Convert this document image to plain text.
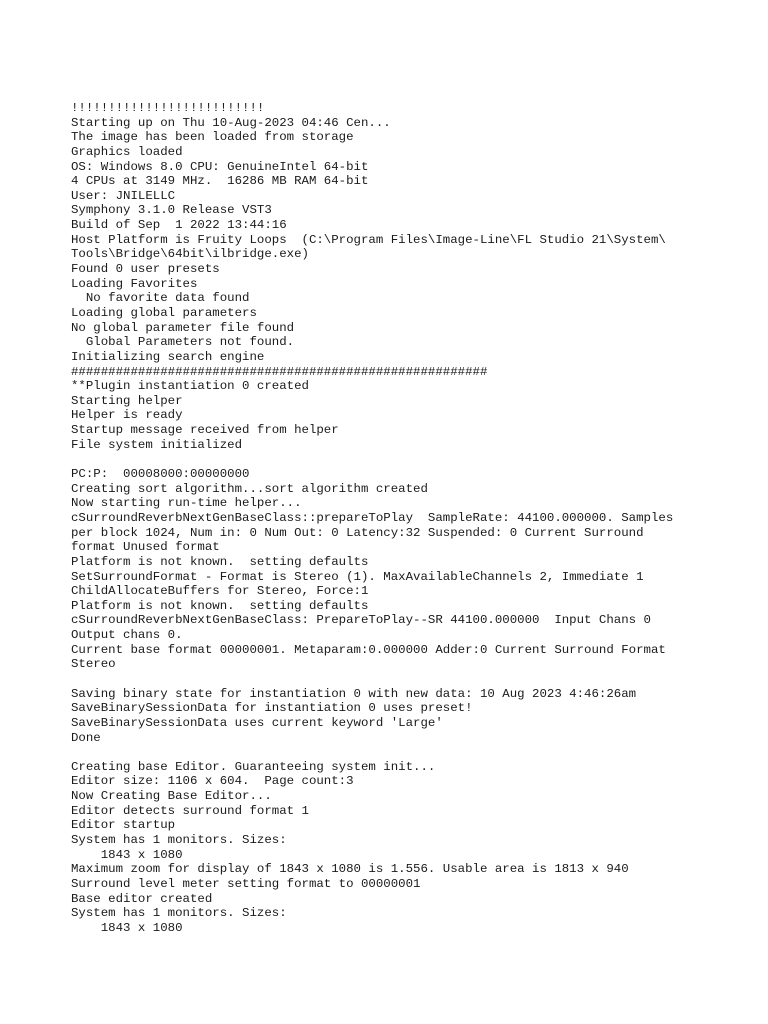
!!!!!!!!!!!!!!!!!!!!!!!!!!
Starting up on Thu 10-Aug-2023 04:46 Cen...
The image has been loaded from storage
Graphics loaded
OS: Windows 8.0 CPU: GenuineIntel 64-bit
4 CPUs at 3149 MHz.  16286 MB RAM 64-bit
User: JNILELLC
Symphony 3.1.0 Release VST3
Build of Sep  1 2022 13:44:16
Host Platform is Fruity Loops  (C:\Program Files\Image-Line\FL Studio 21\System\
Tools\Bridge\64bit\ilbridge.exe)
Found 0 user presets
Loading Favorites
No favorite data found
Loading global parameters
No global parameter file found
Global Parameters not found.
Initializing search engine
########################################################
**Plugin instantiation 0 created
Starting helper
Helper is ready
Startup message received from helper
File system initialized
PC:P:  00008000:00000000
Creating sort algorithm...sort algorithm created
Now starting run-time helper...
cSurroundReverbNextGenBaseClass::prepareToPlay  SampleRate: 44100.000000. Samples
per block 1024, Num in: 0 Num Out: 0 Latency:32 Suspended: 0 Current Surround
format Unused format
Platform is not known.  setting defaults
SetSurroundFormat - Format is Stereo (1). MaxAvailableChannels 2, Immediate 1
ChildAllocateBuffers for Stereo, Force:1
Platform is not known.  setting defaults
cSurroundReverbNextGenBaseClass: PrepareToPlay--SR 44100.000000  Input Chans 0
Output chans 0.
Current base format 00000001. Metaparam:0.000000 Adder:0 Current Surround Format
Stereo
Saving binary state for instantiation 0 with new data: 10 Aug 2023 4:46:26am
SaveBinarySessionData for instantiation 0 uses preset!
SaveBinarySessionData uses current keyword 'Large'
Done
Creating base Editor. Guaranteeing system init...
Editor size: 1106 x 604.  Page count:3
Now Creating Base Editor...
Editor detects surround format 1
Editor startup
System has 1 monitors. Sizes:
1843 x 1080
Maximum zoom for display of 1843 x 1080 is 1.556. Usable area is 1813 x 940
Surround level meter setting format to 00000001
Base editor created
System has 1 monitors. Sizes:
1843 x 1080
